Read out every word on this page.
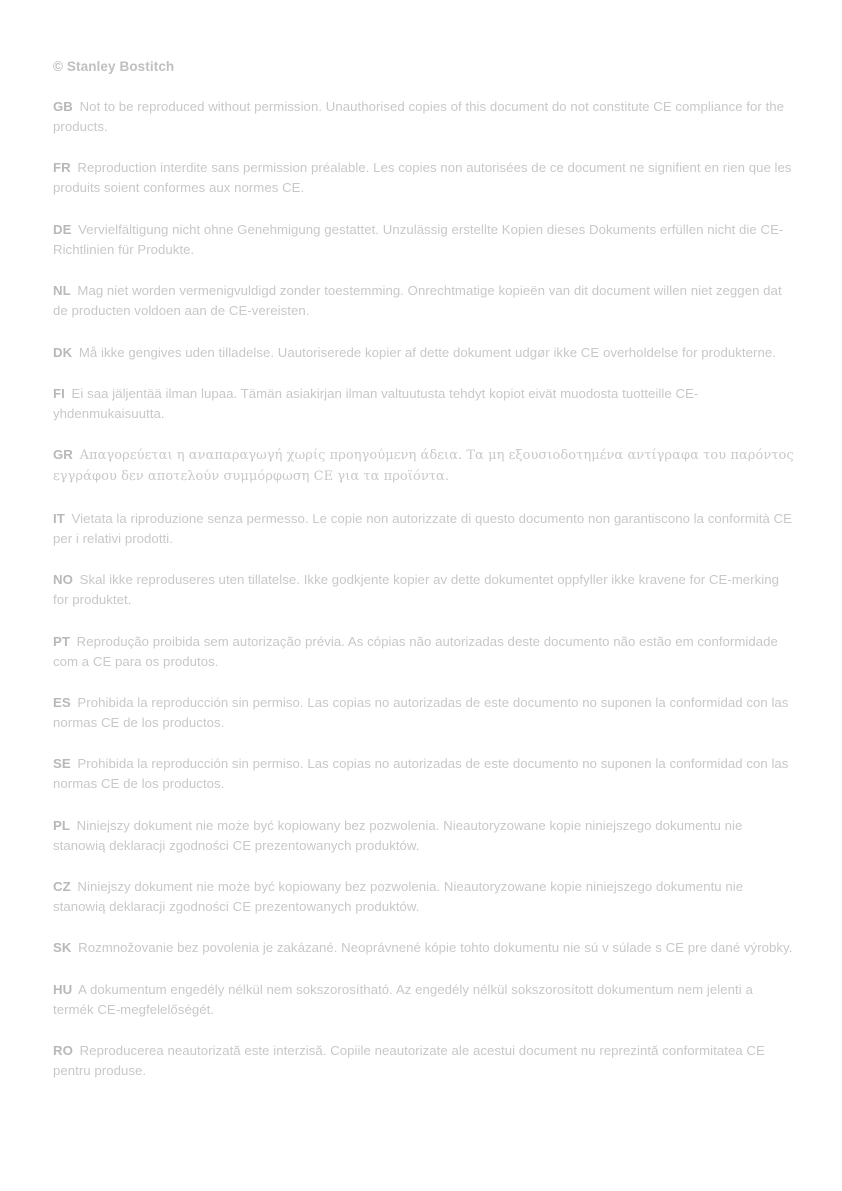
© Stanley Bostitch

GB Not to be reproduced without permission. Unauthorised copies of this document do not constitute CE compliance for the products.

FR Reproduction interdite sans permission préalable. Les copies non autorisées de ce document ne signifient en rien que les produits soient conformes aux normes CE.

DE Vervielfältigung nicht ohne Genehmigung gestattet. Unzulässig erstellte Kopien dieses Dokuments erfüllen nicht die CE-Richtlinien für Produkte.

NL Mag niet worden vermenigvuldigd zonder toestemming. Onrechtmatige kopieën van dit document willen niet zeggen dat de producten voldoen aan de CE-vereisten.

DK Må ikke gengives uden tilladelse. Uautoriserede kopier af dette dokument udgør ikke CE overholdelse for produkterne.

FI Ei saa jäljentää ilman lupaa. Tämän asiakirjan ilman valtuutusta tehdyt kopiot eivät muodosta tuotteille CE-yhdenmukaisuutta.

GR Απαγορεύεται η αναπαραγωγή χωρίς προηγούμενη άδεια. Τα μη εξουσιοδοτημένα αντίγραφα του παρόντος εγγράφου δεν αποτελούν συμμόρφωση CE για τα προϊόντα.

IT Vietata la riproduzione senza permesso. Le copie non autorizzate di questo documento non garantiscono la conformità CE per i relativi prodotti.

NO Skal ikke reproduseres uten tillatelse. Ikke godkjente kopier av dette dokumentet oppfyller ikke kravene for CE-merking for produktet.

PT Reprodução proibida sem autorização prévia. As cópias não autorizadas deste documento não estão em conformidade com a CE para os produtos.

ES Prohibida la reproducción sin permiso. Las copias no autorizadas de este documento no suponen la conformidad con las normas CE de los productos.

SE Prohibida la reproducción sin permiso. Las copias no autorizadas de este documento no suponen la conformidad con las normas CE de los productos.

PL Niniejszy dokument nie może być kopiowany bez pozwolenia. Nieautoryzowane kopie niniejszego dokumentu nie stanowią deklaracji zgodności CE prezentowanych produktów.

CZ Niniejszy dokument nie może być kopiowany bez pozwolenia. Nieautoryzowane kopie niniejszego dokumentu nie stanowią deklaracji zgodności CE prezentowanych produktów.

SK Rozmnožovanie bez povolenia je zakázané. Neoprávnené kópie tohto dokumentu nie sú v súlade s CE pre dané výrobky.

HU A dokumentum engedély nélkül nem sokszorosítható. Az engedély nélkül sokszorosított dokumentum nem jelenti a termék CE-megfelelőségét.

RO Reproducerea neautorizată este interzisă. Copiile neautorizate ale acestui document nu reprezintă conformitatea CE pentru produse.
